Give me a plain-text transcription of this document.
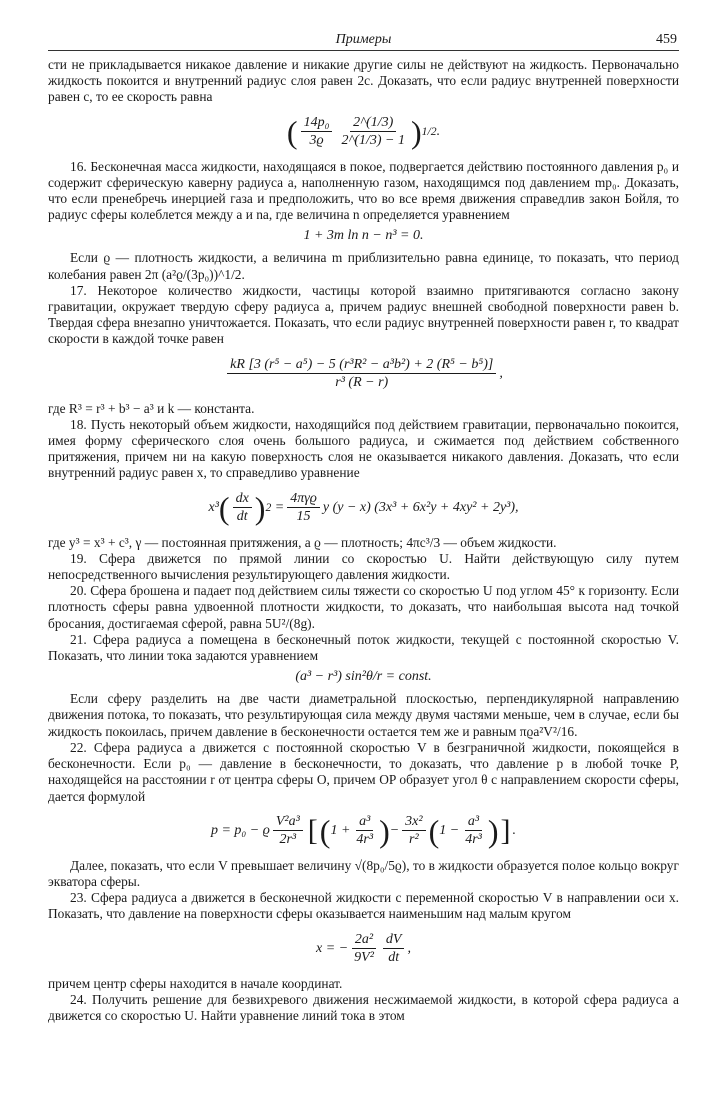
Примеры	459

сти не прикладывается никакое давление и никакие другие силы не действуют на жидкость. Первоначально жидкость покоится и внутренний радиус слоя равен 2c. Доказать, что если радиус внутренней поверхности равен c, то ее скорость равна

( $\frac{\text{14p₀}}{3ϱ} \frac{2\^{}(1/3)}{2\^{}(1/3) - 1}$ ) 1/2 .

16. Бесконечная масса жидкости, находящаяся в покое, подвергается действию постоянного давления p₀ и содержит сферическую каверну радиуса a, наполненную газом, находящимся под давлением mp₀. Доказать, что если пренебречь инерцией газа и предположить, что во все время движения справедлив закон Бойля, то радиус сферы колеблется между a и na, где величина n определяется уравнением

1 + 3m ln n − n³ = 0.

Если ϱ — плотность жидкости, а величина m приблизительно равна единице, то показать, что период колебания равен 2π (a²ϱ/(3p₀))^1/2.

17. Некоторое количество жидкости, частицы которой взаимно притягиваются согласно закону гравитации, окружает твердую сферу радиуса a, причем радиус внешней свободной поверхности равен b. Твердая сфера внезапно уничтожается. Показать, что если радиус внутренней поверхности равен r, то квадрат скорости в каждой точке равен

$\frac{\text{kR [3 (r⁵ − a⁵) − 5 (r³R² − a³b²) + 2 (R⁵ − b⁵)]}}{\text{r³ (R − r)}}$ ,

где R³ = r³ + b³ − a³ и k — константа.

18. Пусть некоторый объем жидкости, находящийся под действием гравитации, первоначально покоится, имея форму сферического слоя очень большого радиуса, и сжимается под действием собственного притяжения, причем ни на какую поверхность слоя не оказывается никакого давления. Доказать, что если внутренний радиус равен x, то справедливо уравнение

x³ ( $\frac{dx}{dt}$ ) $2 = \frac{\text{4πγϱ}}{15}$ y (y − x) (3x³ + 6x²y + 4xy² + 2y³),

где y³ = x³ + c³, γ — постоянная притяжения, a ϱ — плотность; 4πc³/3 — объем жидкости.

19. Сфера движется по прямой линии со скоростью U. Найти действующую силу путем непосредственного вычисления результирующего давления жидкости.

20. Сфера брошена и падает под действием силы тяжести со скоростью U под углом 45° к горизонту. Если плотность сферы равна удвоенной плотности жидкости, то доказать, что наибольшая высота над точкой бросания, достигаемая сферой, равна 5U²/(8g).

21. Сфера радиуса a помещена в бесконечный поток жидкости, текущей с постоянной скоростью V. Показать, что линии тока задаются уравнением

(a³ − r³) sin²θ/r = const.

Если сферу разделить на две части диаметральной плоскостью, перпендикулярной направлению движения потока, то показать, что результирующая сила между двумя частями меньше, чем в случае, если бы жидкость покоилась, причем давление в бесконечности остается тем же и равным πϱa²V²/16.

22. Сфера радиуса a движется с постоянной скоростью V в безграничной жидкости, покоящейся в бесконечности. Если p₀ — давление в бесконечности, то доказать, что давление p в любой точке P, находящейся на расстоянии r от центра сферы O, причем OP образует угол θ с направлением скорости сферы, дается формулой

p = p₀ − ϱ $\frac{\text{V²a³}}{\text{2r³}}$ [ ( $1 + \frac{\text{a³}}{\text{4r³}}$ ) − $\frac{\text{3x²}}{\text{r²}}$ ( $1 - \frac{\text{a³}}{\text{4r³}}$ ) ] .

Далее, показать, что если V превышает величину √(8p₀/5ϱ), то в жидкости образуется полое кольцо вокруг экватора сферы.

23. Сфера радиуса a движется в бесконечной жидкости с переменной скоростью V в направлении оси x. Показать, что давление на поверхности сферы оказывается наименьшим над малым кругом

x = − $\frac{\text{2a²}}{\text{9V²}} \frac{dV}{dt}$ ,

причем центр сферы находится в начале координат.

24. Получить решение для безвихревого движения несжимаемой жидкости, в которой сфера радиуса a движется со скоростью U. Найти уравнение линий тока в этом
